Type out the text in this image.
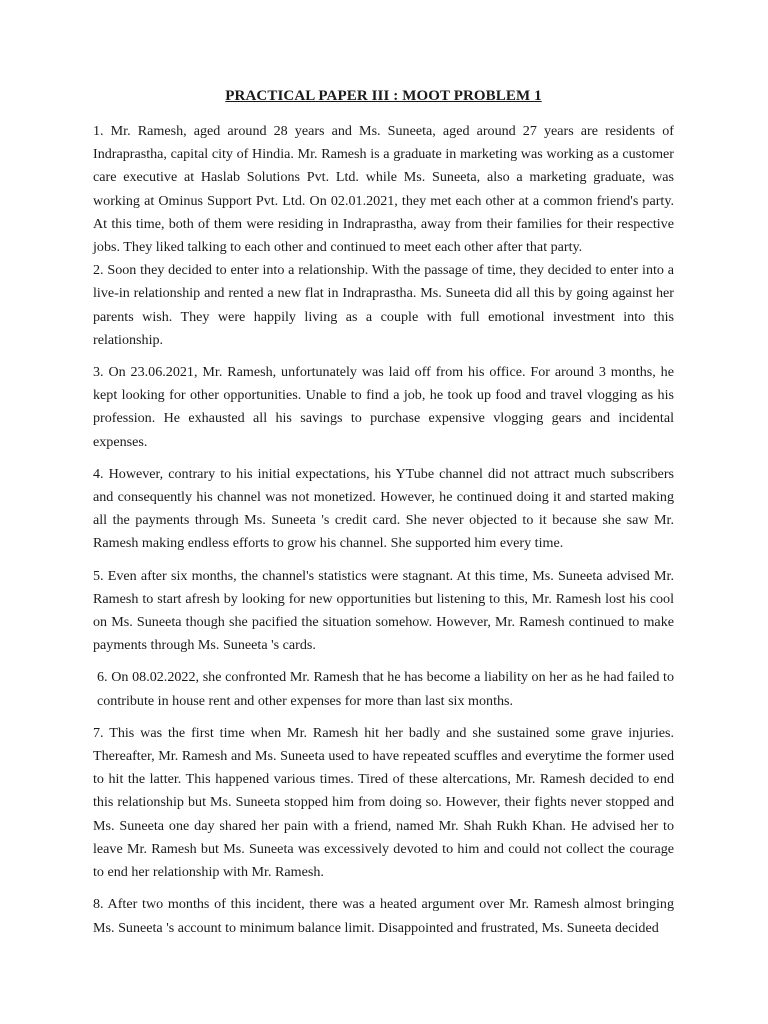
PRACTICAL PAPER III : MOOT PROBLEM 1

1. Mr. Ramesh, aged around 28 years and Ms. Suneeta, aged around 27 years are residents of Indraprastha, capital city of Hindia. Mr. Ramesh is a graduate in marketing was working as a customer care executive at Haslab Solutions Pvt. Ltd. while Ms. Suneeta, also a marketing graduate, was working at Ominus Support Pvt. Ltd. On 02.01.2021, they met each other at a common friend's party. At this time, both of them were residing in Indraprastha, away from their families for their respective jobs. They liked talking to each other and continued to meet each other after that party.

2. Soon they decided to enter into a relationship. With the passage of time, they decided to enter into a live-in relationship and rented a new flat in Indraprastha. Ms. Suneeta did all this by going against her parents wish. They were happily living as a couple with full emotional investment into this relationship.

3. On 23.06.2021, Mr. Ramesh, unfortunately was laid off from his office. For around 3 months, he kept looking for other opportunities. Unable to find a job, he took up food and travel vlogging as his profession. He exhausted all his savings to purchase expensive vlogging gears and incidental expenses.

4. However, contrary to his initial expectations, his YTube channel did not attract much subscribers and consequently his channel was not monetized. However, he continued doing it and started making all the payments through Ms. Suneeta 's credit card. She never objected to it because she saw Mr. Ramesh making endless efforts to grow his channel. She supported him every time.

5. Even after six months, the channel's statistics were stagnant. At this time, Ms. Suneeta advised Mr. Ramesh to start afresh by looking for new opportunities but listening to this, Mr. Ramesh lost his cool on Ms. Suneeta though she pacified the situation somehow. However, Mr. Ramesh continued to make payments through Ms. Suneeta 's cards.

6. On 08.02.2022, she confronted Mr. Ramesh that he has become a liability on her as he had failed to contribute in house rent and other expenses for more than last six months.

7. This was the first time when Mr. Ramesh hit her badly and she sustained some grave injuries. Thereafter, Mr. Ramesh and Ms. Suneeta used to have repeated scuffles and everytime the former used to hit the latter. This happened various times. Tired of these altercations, Mr. Ramesh decided to end this relationship but Ms. Suneeta stopped him from doing so. However, their fights never stopped and Ms. Suneeta one day shared her pain with a friend, named Mr. Shah Rukh Khan. He advised her to leave Mr. Ramesh but Ms. Suneeta was excessively devoted to him and could not collect the courage to end her relationship with Mr. Ramesh.

8. After two months of this incident, there was a heated argument over Mr. Ramesh almost bringing Ms. Suneeta 's account to minimum balance limit. Disappointed and frustrated, Ms. Suneeta decided
